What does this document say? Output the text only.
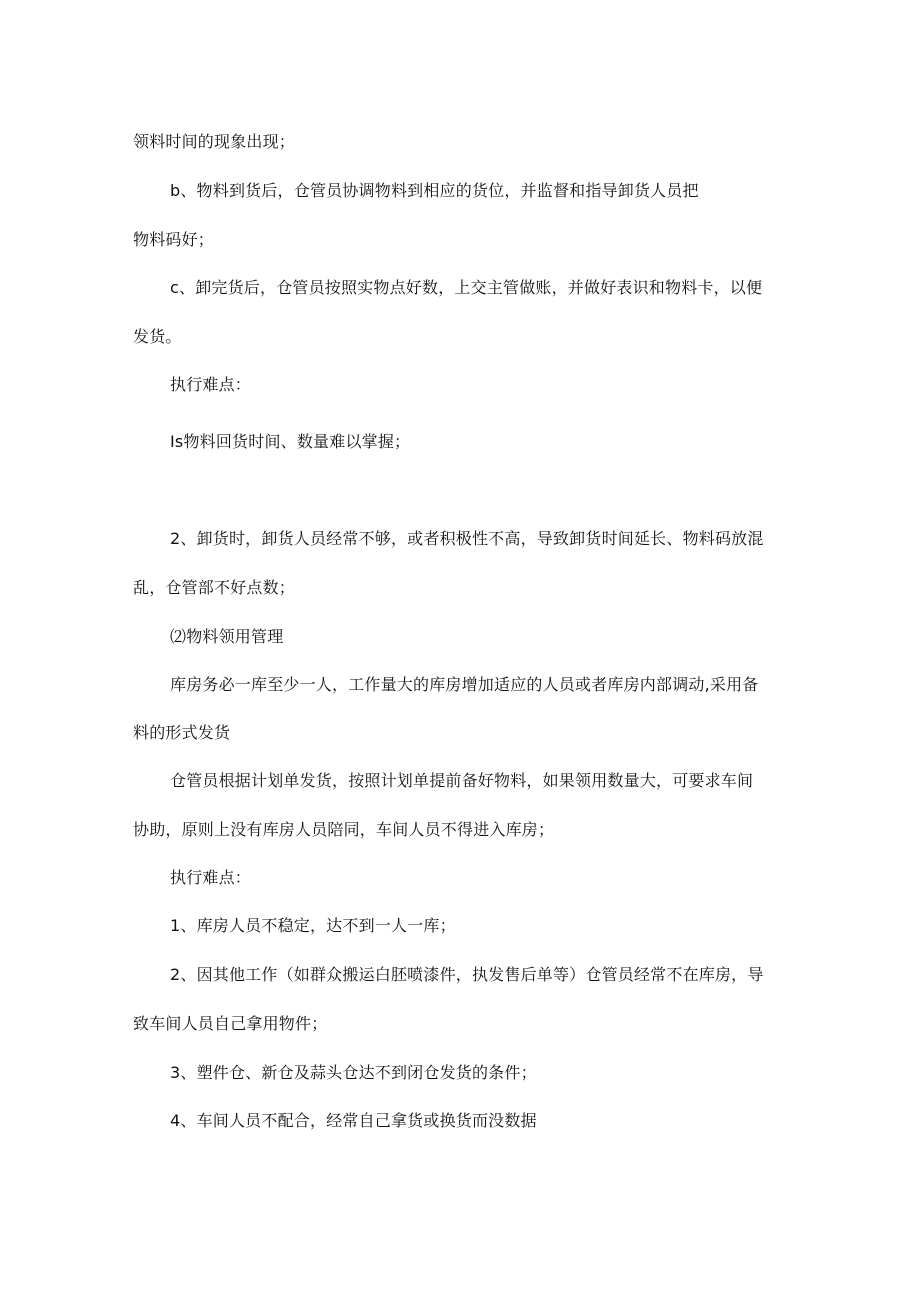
领料时间的现象出现；
b、物料到货后，仓管员协调物料到相应的货位，并监督和指导卸货人员把
物料码好；
c、卸完货后，仓管员按照实物点好数，上交主管做账，并做好表识和物料卡，以便
发货。
执行难点：
Is物料回货时间、数量难以掌握；
2、卸货时，卸货人员经常不够，或者积极性不高，导致卸货时间延长、物料码放混
乱，仓管部不好点数；
⑵物料领用管理
库房务必一库至少一人，工作量大的库房增加适应的人员或者库房内部调动,采用备
料的形式发货
仓管员根据计划单发货，按照计划单提前备好物料，如果领用数量大，可要求车间
协助，原则上没有库房人员陪同，车间人员不得进入库房；
执行难点：
1、库房人员不稳定，达不到一人一库；
2、因其他工作（如群众搬运白胚喷漆件，执发售后单等）仓管员经常不在库房，导
致车间人员自己拿用物件；
3、塑件仓、新仓及蒜头仓达不到闭仓发货的条件；
4、车间人员不配合，经常自己拿货或换货而没数据
